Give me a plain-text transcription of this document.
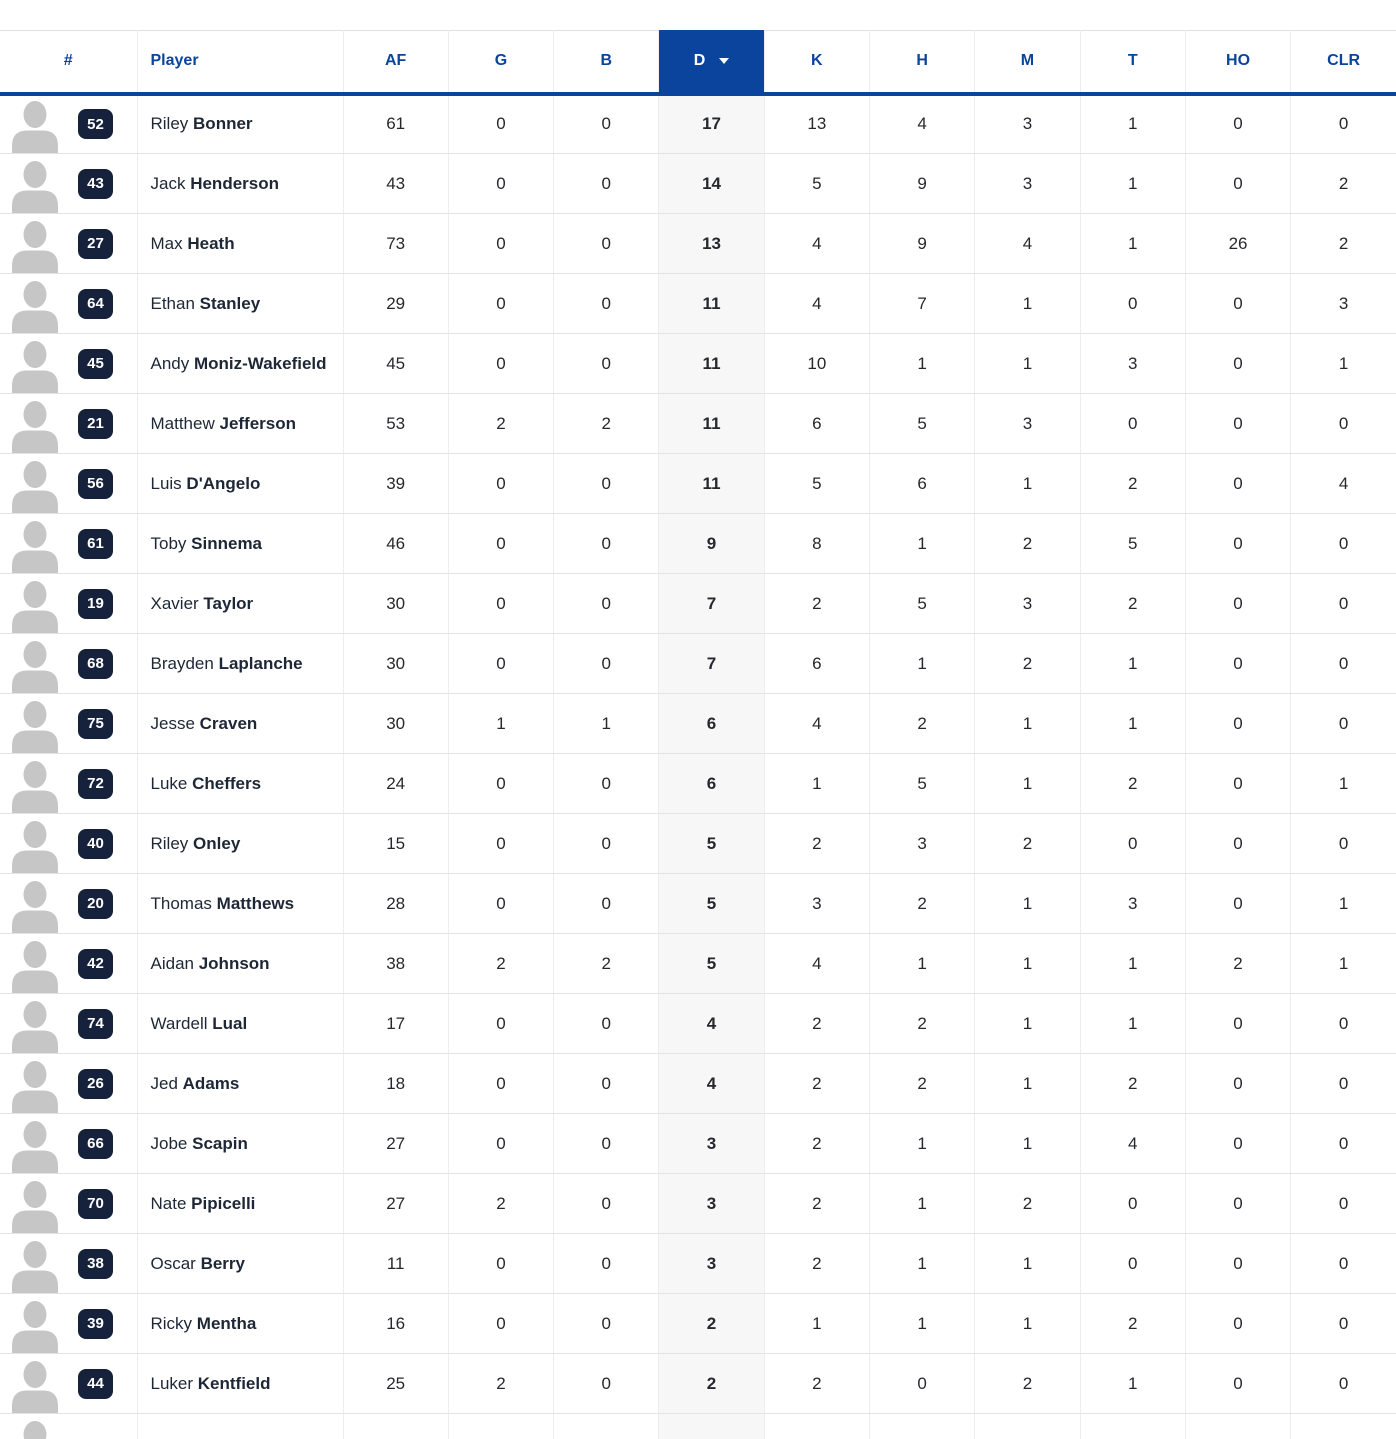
#	Player	AF	G	B	D	K	H	M	T	HO	CLR

52	Riley Bonner	61	0	0	17	13	4	3	1	0	0

43	Jack Henderson	43	0	0	14	5	9	3	1	0	2

27	Max Heath	73	0	0	13	4	9	4	1	26	2

64	Ethan Stanley	29	0	0	11	4	7	1	0	0	3

45	Andy Moniz-Wakefield	45	0	0	11	10	1	1	3	0	1

21	Matthew Jefferson	53	2	2	11	6	5	3	0	0	0

56	Luis D'Angelo	39	0	0	11	5	6	1	2	0	4

61	Toby Sinnema	46	0	0	9	8	1	2	5	0	0

19	Xavier Taylor	30	0	0	7	2	5	3	2	0	0

68	Brayden Laplanche	30	0	0	7	6	1	2	1	0	0

75	Jesse Craven	30	1	1	6	4	2	1	1	0	0

72	Luke Cheffers	24	0	0	6	1	5	1	2	0	1

40	Riley Onley	15	0	0	5	2	3	2	0	0	0

20	Thomas Matthews	28	0	0	5	3	2	1	3	0	1

42	Aidan Johnson	38	2	2	5	4	1	1	1	2	1

74	Wardell Lual	17	0	0	4	2	2	1	1	0	0

26	Jed Adams	18	0	0	4	2	2	1	2	0	0

66	Jobe Scapin	27	0	0	3	2	1	1	4	0	0

70	Nate Pipicelli	27	2	0	3	2	1	2	0	0	0

38	Oscar Berry	11	0	0	3	2	1	1	0	0	0

39	Ricky Mentha	16	0	0	2	1	1	1	2	0	0

44	Luker Kentfield	25	2	0	2	2	0	2	1	0	0
